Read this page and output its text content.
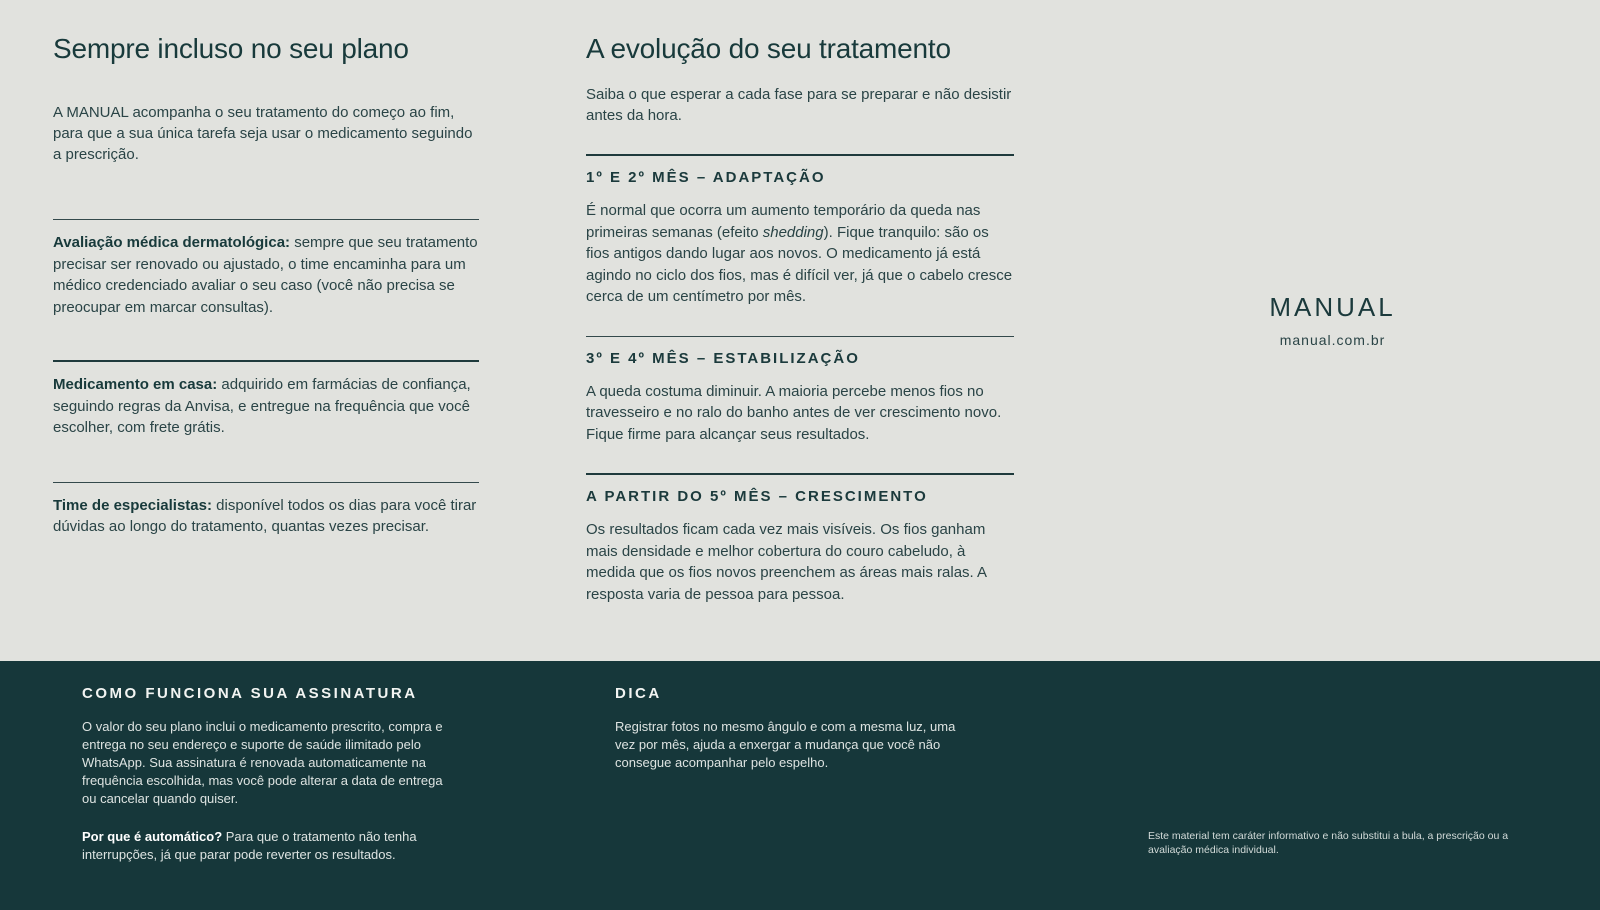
Sempre incluso no seu plano

A MANUAL acompanha o seu tratamento do começo ao fim, para que a sua única tarefa seja usar o medicamento seguindo a prescrição.

Avaliação médica dermatológica: sempre que seu tratamento precisar ser renovado ou ajustado, o time encaminha para um médico credenciado avaliar o seu caso (você não precisa se preocupar em marcar consultas).

Medicamento em casa: adquirido em farmácias de confiança, seguindo regras da Anvisa, e entregue na frequência que você escolher, com frete grátis.

Time de especialistas: disponível todos os dias para você tirar dúvidas ao longo do tratamento, quantas vezes precisar.

A evolução do seu tratamento

Saiba o que esperar a cada fase para se preparar e não desistir antes da hora.

1º E 2º MÊS – ADAPTAÇÃO

É normal que ocorra um aumento temporário da queda nas primeiras semanas (efeito shedding). Fique tranquilo: são os fios antigos dando lugar aos novos. O medicamento já está agindo no ciclo dos fios, mas é difícil ver, já que o cabelo cresce cerca de um centímetro por mês.

3º E 4º MÊS – ESTABILIZAÇÃO

A queda costuma diminuir. A maioria percebe menos fios no travesseiro e no ralo do banho antes de ver crescimento novo. Fique firme para alcançar seus resultados.

A PARTIR DO 5º MÊS – CRESCIMENTO

Os resultados ficam cada vez mais visíveis. Os fios ganham mais densidade e melhor cobertura do couro cabeludo, à medida que os fios novos preenchem as áreas mais ralas. A resposta varia de pessoa para pessoa.

MANUAL
manual.com.br
COMO FUNCIONA SUA ASSINATURA

O valor do seu plano inclui o medicamento prescrito, compra e entrega no seu endereço e suporte de saúde ilimitado pelo WhatsApp. Sua assinatura é renovada automaticamente na frequência escolhida, mas você pode alterar a data de entrega ou cancelar quando quiser.

Por que é automático? Para que o tratamento não tenha interrupções, já que parar pode reverter os resultados.

DICA

Registrar fotos no mesmo ângulo e com a mesma luz, uma vez por mês, ajuda a enxergar a mudança que você não consegue acompanhar pelo espelho.

Este material tem caráter informativo e não substitui a bula, a prescrição ou a avaliação médica individual.
